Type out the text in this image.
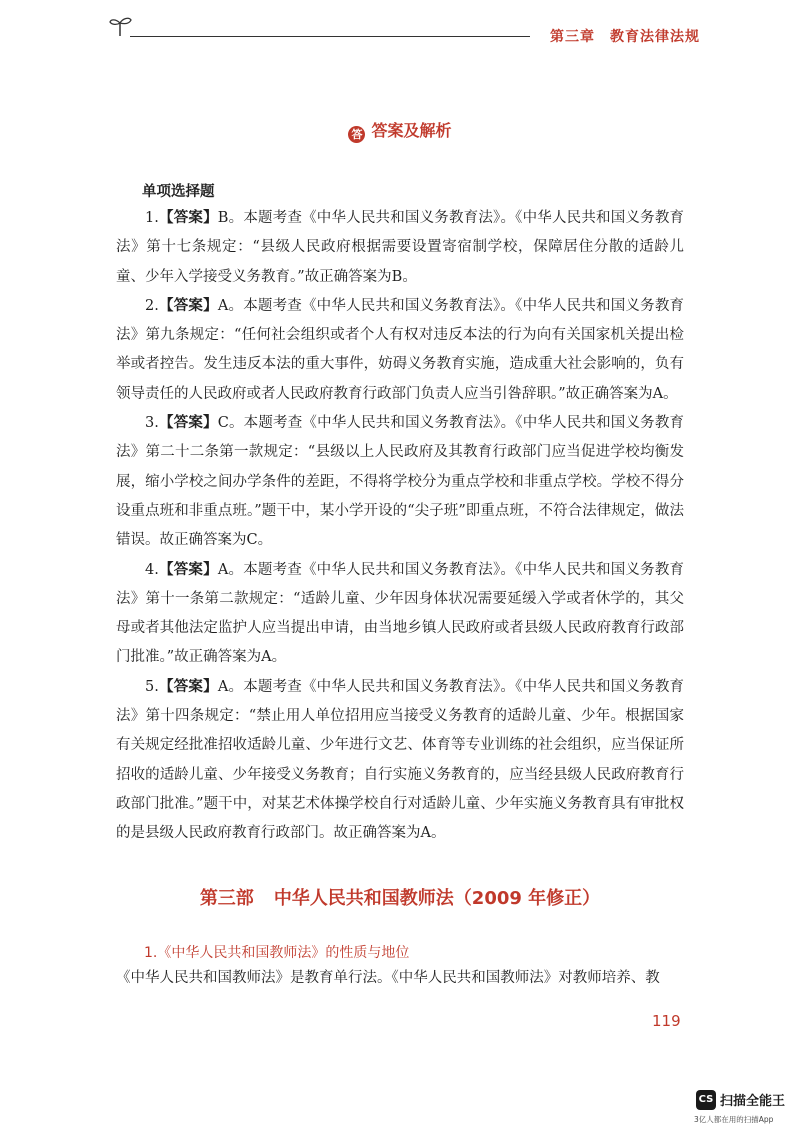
第三章　教育法律法规
答 答案及解析
单项选择题

1.【答案】B。本题考查《中华人民共和国义务教育法》。《中华人民共和国义务教育法》第十七条规定：“县级人民政府根据需要设置寄宿制学校，保障居住分散的适龄儿童、少年入学接受义务教育。”故正确答案为B。

2.【答案】A。本题考查《中华人民共和国义务教育法》。《中华人民共和国义务教育法》第九条规定：“任何社会组织或者个人有权对违反本法的行为向有关国家机关提出检举或者控告。发生违反本法的重大事件，妨碍义务教育实施，造成重大社会影响的，负有领导责任的人民政府或者人民政府教育行政部门负责人应当引咎辞职。”故正确答案为A。

3.【答案】C。本题考查《中华人民共和国义务教育法》。《中华人民共和国义务教育法》第二十二条第一款规定：“县级以上人民政府及其教育行政部门应当促进学校均衡发展，缩小学校之间办学条件的差距，不得将学校分为重点学校和非重点学校。学校不得分设重点班和非重点班。”题干中，某小学开设的“尖子班”即重点班，不符合法律规定，做法错误。故正确答案为C。

4.【答案】A。本题考查《中华人民共和国义务教育法》。《中华人民共和国义务教育法》第十一条第二款规定：“适龄儿童、少年因身体状况需要延缓入学或者休学的，其父母或者其他法定监护人应当提出申请，由当地乡镇人民政府或者县级人民政府教育行政部门批准。”故正确答案为A。

5.【答案】A。本题考查《中华人民共和国义务教育法》。《中华人民共和国义务教育法》第十四条规定：“禁止用人单位招用应当接受义务教育的适龄儿童、少年。根据国家有关规定经批准招收适龄儿童、少年进行文艺、体育等专业训练的社会组织，应当保证所招收的适龄儿童、少年接受义务教育；自行实施义务教育的，应当经县级人民政府教育行政部门批准。”题干中，对某艺术体操学校自行对适龄儿童、少年实施义务教育具有审批权的是县级人民政府教育行政部门。故正确答案为A。

第三部 中华人民共和国教师法（2009 年修正）
1.《中华人民共和国教师法》的性质与地位
《中华人民共和国教师法》是教育单行法。《中华人民共和国教师法》对教师培养、教
119
CS 扫描全能王
3亿人都在用的扫描App
